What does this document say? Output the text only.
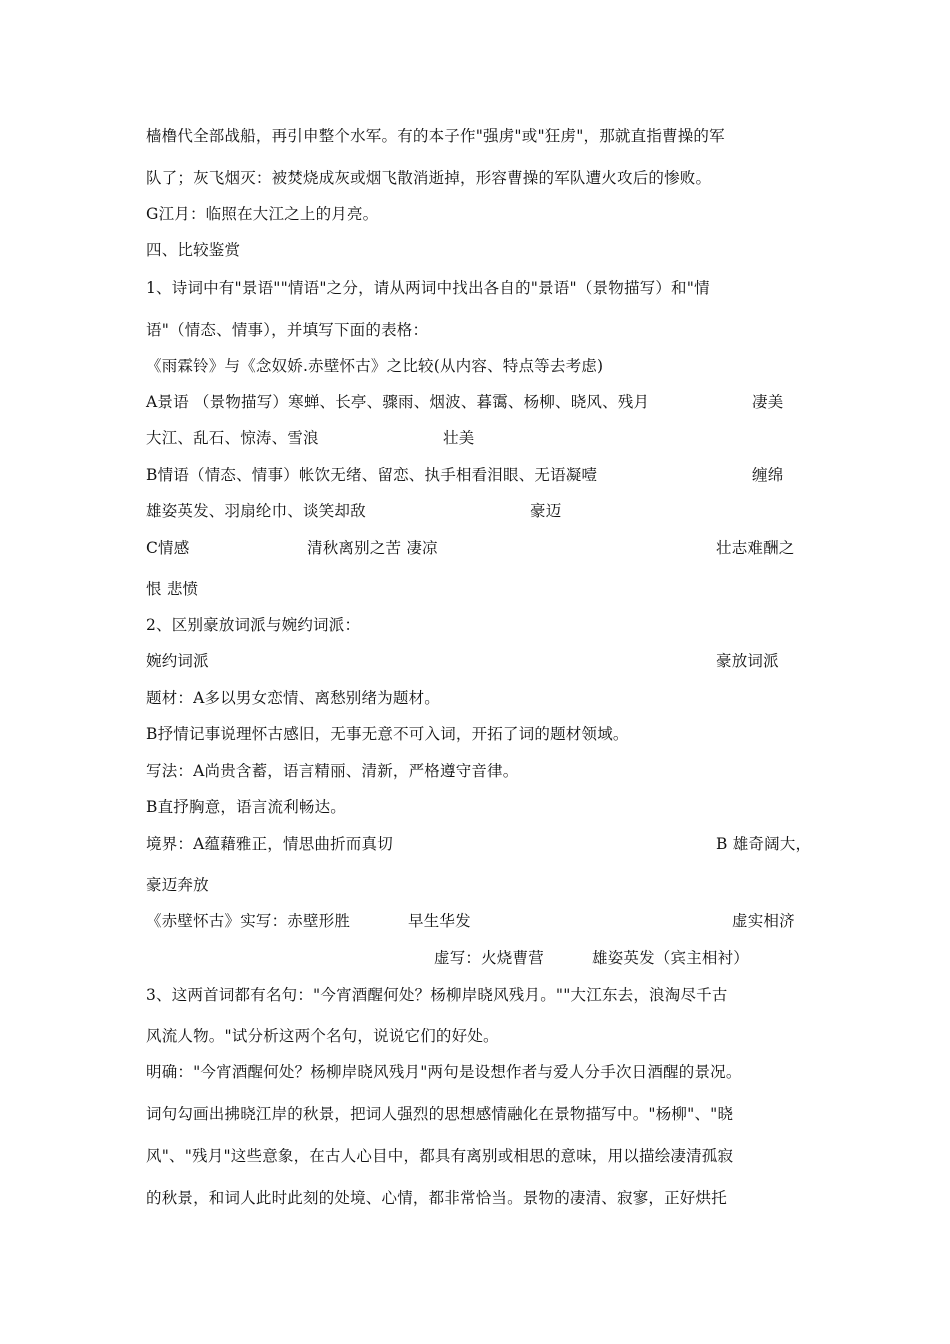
樯橹代全部战船，再引申整个水军。有的本子作"强虏"或"狂虏"，那就直指曹操的军
队了；灰飞烟灭：被焚烧成灰或烟飞散消逝掉，形容曹操的军队遭火攻后的惨败。
G江月：临照在大江之上的月亮。
四、比较鉴赏
1、诗词中有"景语""情语"之分，请从两词中找出各自的"景语"（景物描写）和"情
语"（情态、情事），并填写下面的表格：
《雨霖铃》与《念奴娇.赤壁怀古》之比较(从内容、特点等去考虑)
A景语 （景物描写）寒蝉、长亭、骤雨、烟波、暮霭、杨柳、晓风、残月	凄美
大江、乱石、惊涛、雪浪	壮美
B情语（情态、情事）帐饮无绪、留恋、执手相看泪眼、无语凝噎	缠绵
雄姿英发、羽扇纶巾、谈笑却敌	豪迈
C情感	清秋离别之苦 凄凉	壮志难酬之
恨 悲愤
2、区别豪放词派与婉约词派：
婉约词派	豪放词派
题材：A多以男女恋情、离愁别绪为题材。
B抒情记事说理怀古感旧，无事无意不可入词，开拓了词的题材领域。
写法：A尚贵含蓄，语言精丽、清新，严格遵守音律。
B直抒胸意，语言流利畅达。
境界：A蕴藉雅正，情思曲折而真切	B 雄奇阔大，
豪迈奔放
《赤壁怀古》实写：赤壁形胜	早生华发	虚实相济
虚写：火烧曹营	雄姿英发（宾主相衬）
3、这两首词都有名句："今宵酒醒何处？杨柳岸晓风残月。""大江东去，浪淘尽千古
风流人物。"试分析这两个名句，说说它们的好处。
明确："今宵酒醒何处？杨柳岸晓风残月"两句是设想作者与爱人分手次日酒醒的景况。
词句勾画出拂晓江岸的秋景，把词人强烈的思想感情融化在景物描写中。"杨柳"、"晓
风"、"残月"这些意象，在古人心目中，都具有离别或相思的意味，用以描绘凄清孤寂
的秋景，和词人此时此刻的处境、心情，都非常恰当。景物的凄清、寂寥，正好烘托
